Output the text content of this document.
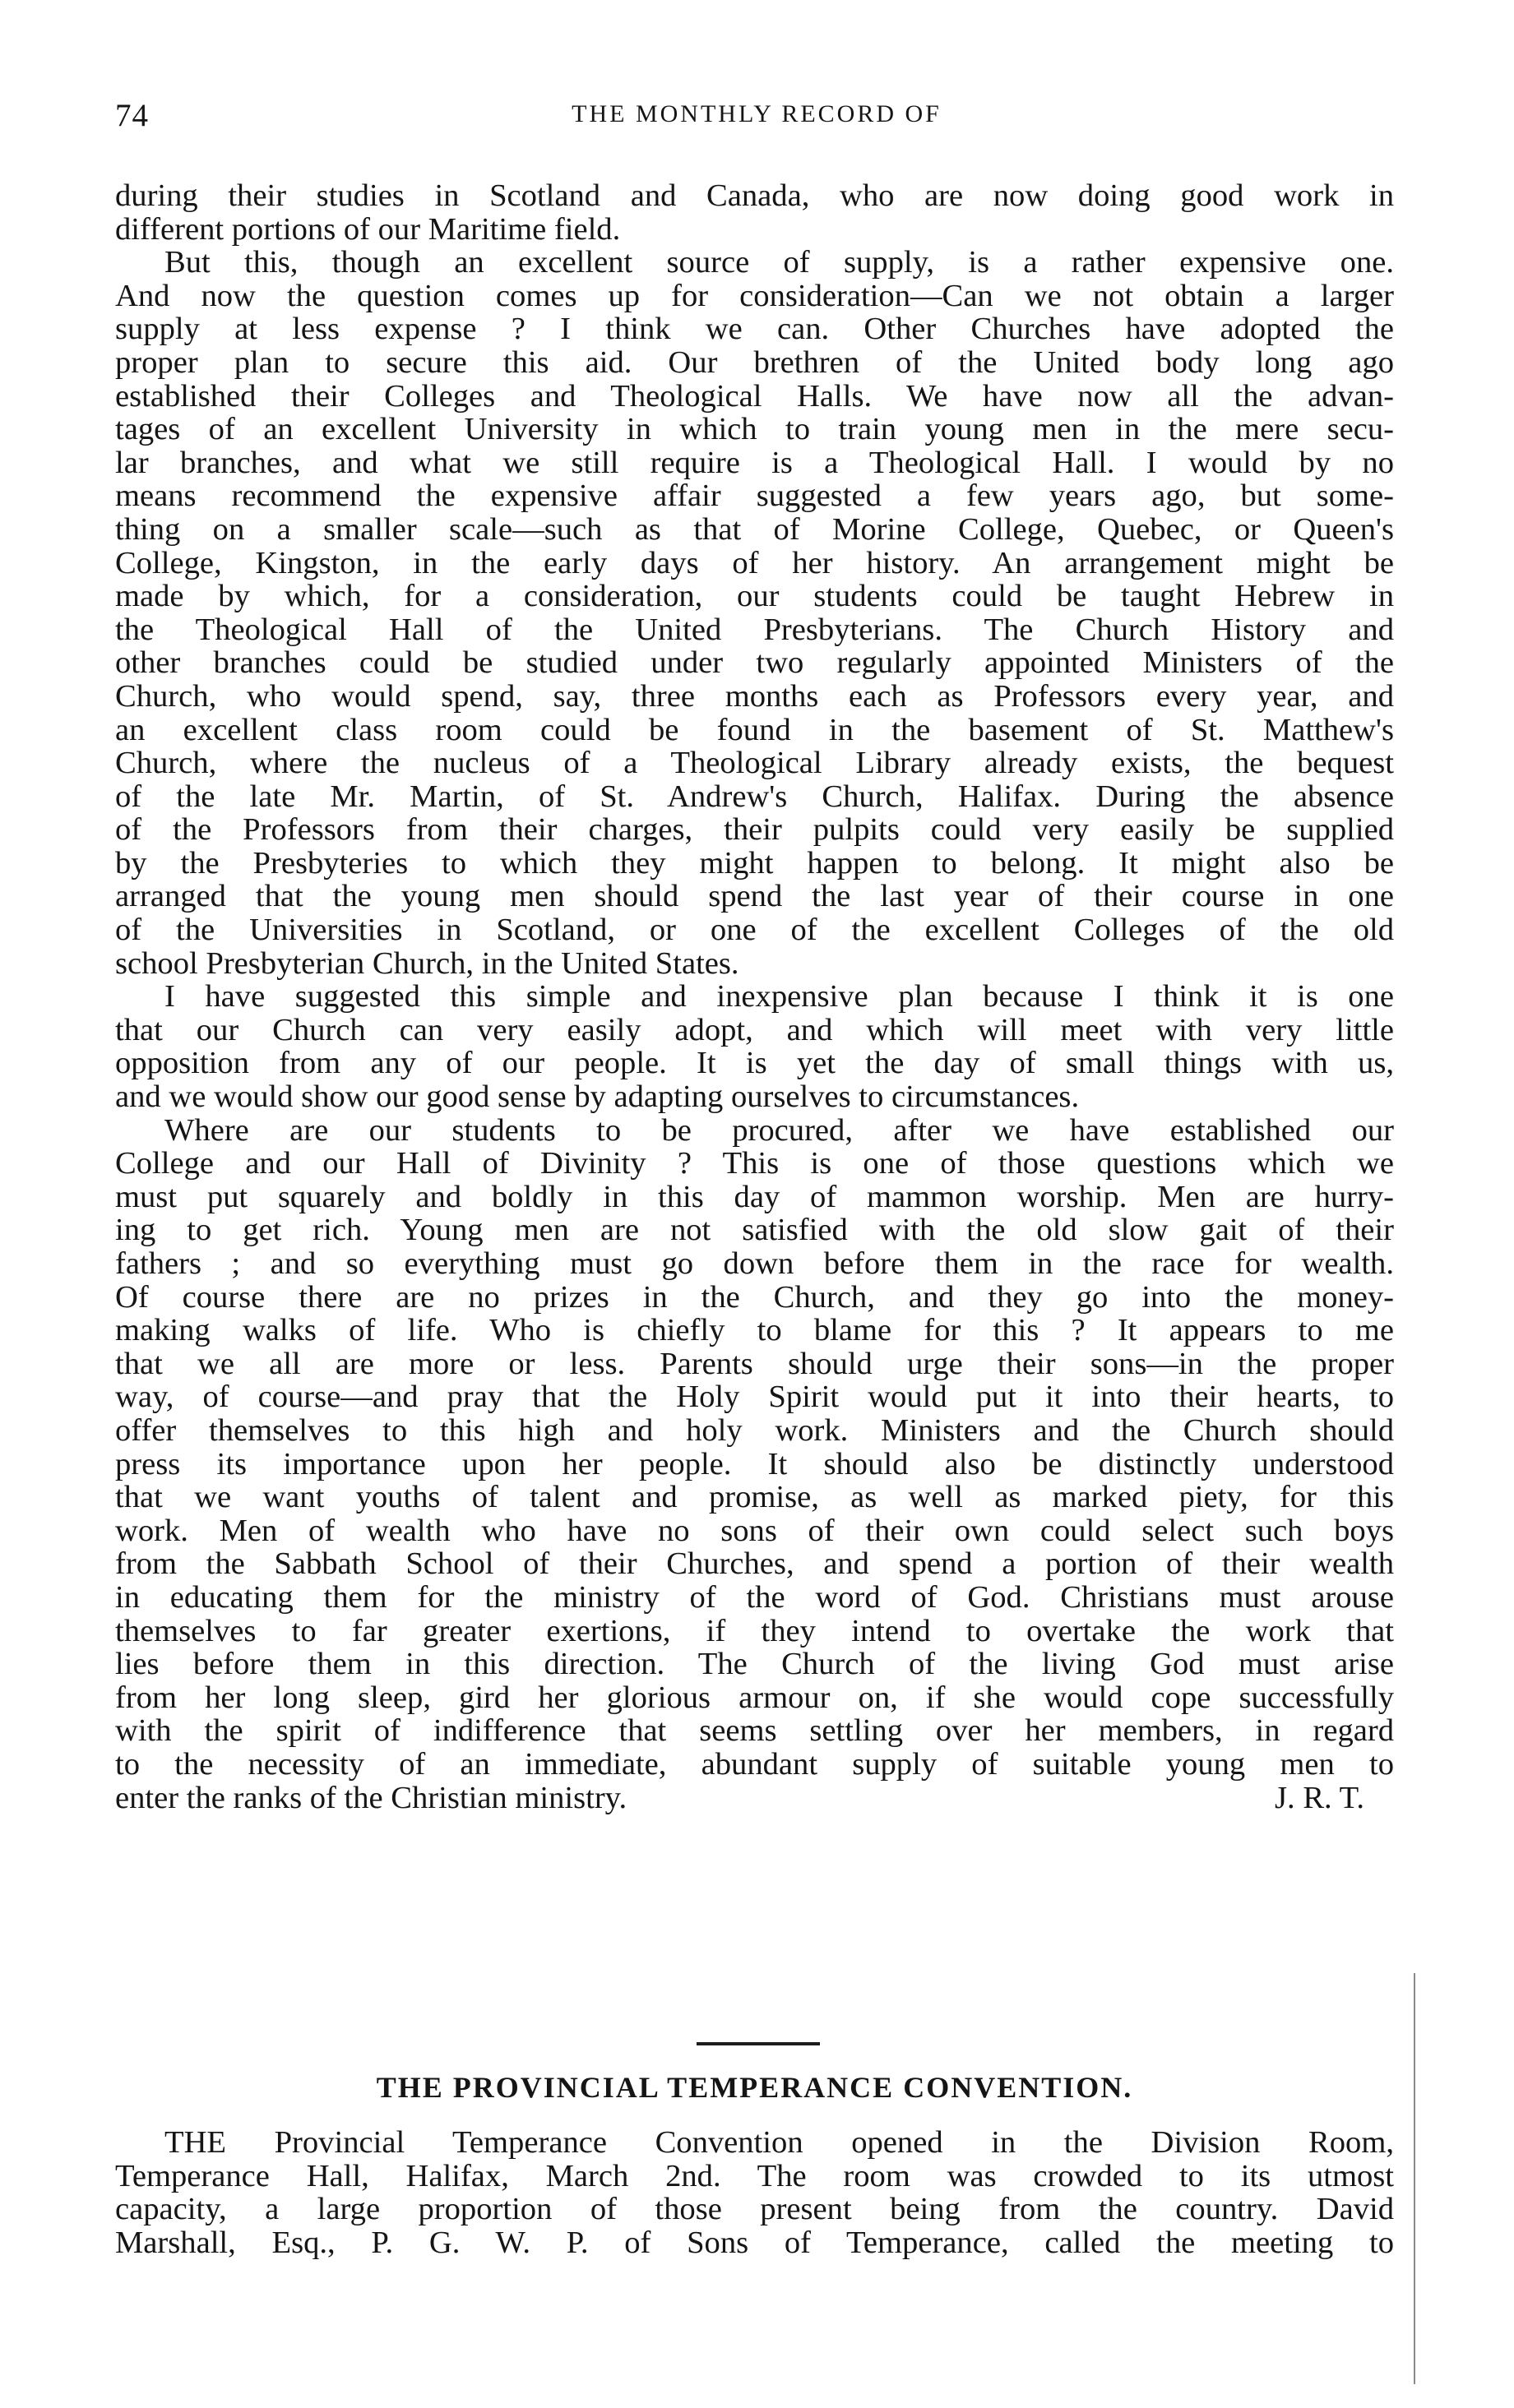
74	THE MONTHLY RECORD OF
during their studies in Scotland and Canada, who are now doing good work in
different portions of our Maritime field.
But this, though an excellent source of supply, is a rather expensive one.
And now the question comes up for consideration—Can we not obtain a larger
supply at less expense ? I think we can. Other Churches have adopted the
proper plan to secure this aid. Our brethren of the United body long ago
established their Colleges and Theological Halls. We have now all the advan-
tages of an excellent University in which to train young men in the mere secu-
lar branches, and what we still require is a Theological Hall. I would by no
means recommend the expensive affair suggested a few years ago, but some-
thing on a smaller scale—such as that of Morine College, Quebec, or Queen's
College, Kingston, in the early days of her history. An arrangement might be
made by which, for a consideration, our students could be taught Hebrew in
the Theological Hall of the United Presbyterians. The Church History and
other branches could be studied under two regularly appointed Ministers of the
Church, who would spend, say, three months each as Professors every year, and
an excellent class room could be found in the basement of St. Matthew's
Church, where the nucleus of a Theological Library already exists, the bequest
of the late Mr. Martin, of St. Andrew's Church, Halifax. During the absence
of the Professors from their charges, their pulpits could very easily be supplied
by the Presbyteries to which they might happen to belong. It might also be
arranged that the young men should spend the last year of their course in one
of the Universities in Scotland, or one of the excellent Colleges of the old
school Presbyterian Church, in the United States.
I have suggested this simple and inexpensive plan because I think it is one
that our Church can very easily adopt, and which will meet with very little
opposition from any of our people. It is yet the day of small things with us,
and we would show our good sense by adapting ourselves to circumstances.
Where are our students to be procured, after we have established our
College and our Hall of Divinity ? This is one of those questions which we
must put squarely and boldly in this day of mammon worship. Men are hurry-
ing to get rich. Young men are not satisfied with the old slow gait of their
fathers ; and so everything must go down before them in the race for wealth.
Of course there are no prizes in the Church, and they go into the money-
making walks of life. Who is chiefly to blame for this ? It appears to me
that we all are more or less. Parents should urge their sons—in the proper
way, of course—and pray that the Holy Spirit would put it into their hearts, to
offer themselves to this high and holy work. Ministers and the Church should
press its importance upon her people. It should also be distinctly understood
that we want youths of talent and promise, as well as marked piety, for this
work. Men of wealth who have no sons of their own could select such boys
from the Sabbath School of their Churches, and spend a portion of their wealth
in educating them for the ministry of the word of God. Christians must arouse
themselves to far greater exertions, if they intend to overtake the work that
lies before them in this direction. The Church of the living God must arise
from her long sleep, gird her glorious armour on, if she would cope successfully
with the spirit of indifference that seems settling over her members, in regard
to the necessity of an immediate, abundant supply of suitable young men to
enter the ranks of the Christian ministry.	J. R. T.
THE PROVINCIAL TEMPERANCE CONVENTION.
THE Provincial Temperance Convention opened in the Division Room,
Temperance Hall, Halifax, March 2nd. The room was crowded to its utmost
capacity, a large proportion of those present being from the country. David
Marshall, Esq., P. G. W. P. of Sons of Temperance, called the meeting to
